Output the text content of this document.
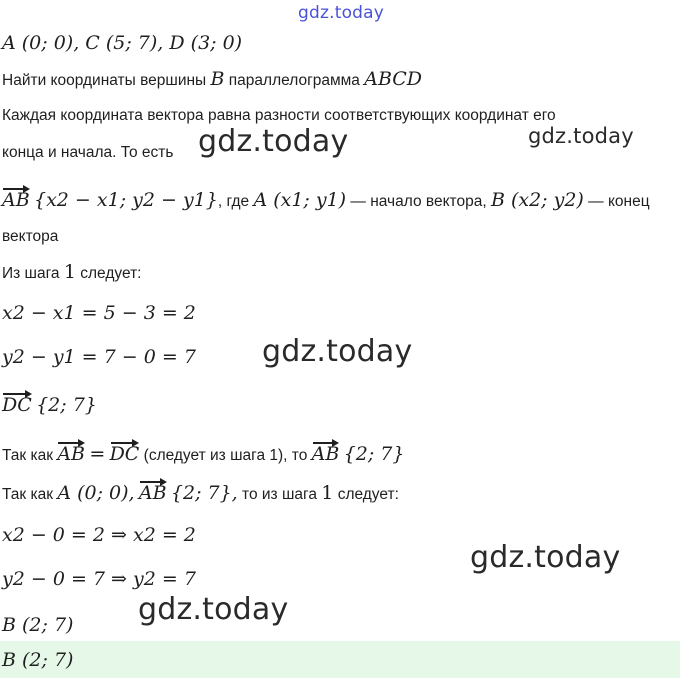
gdz.today
gdz.today	gdz.today
gdz.today
gdz.today
gdz.today
A (0; 0), C (5; 7), D (3; 0)
Найти координаты вершины B параллелограмма ABCD
Каждая координата вектора равна разности соответствующих координат его
конца и начала. То есть
AB {x2 − x1; y2 − y1}, где A (x1; y1) — начало вектора, B (x2; y2) — конец
вектора
Из шага 1 следует:
x2 − x1 = 5 − 3 = 2
y2 − y1 = 7 − 0 = 7
DC {2; 7}
Так как AB = DC (следует из шага 1), то AB {2; 7}
Так как A (0; 0), AB {2; 7}, то из шага 1 следует:
x2 − 0 = 2 ⇒ x2 = 2
y2 − 0 = 7 ⇒ y2 = 7
B (2; 7)
B (2; 7)
